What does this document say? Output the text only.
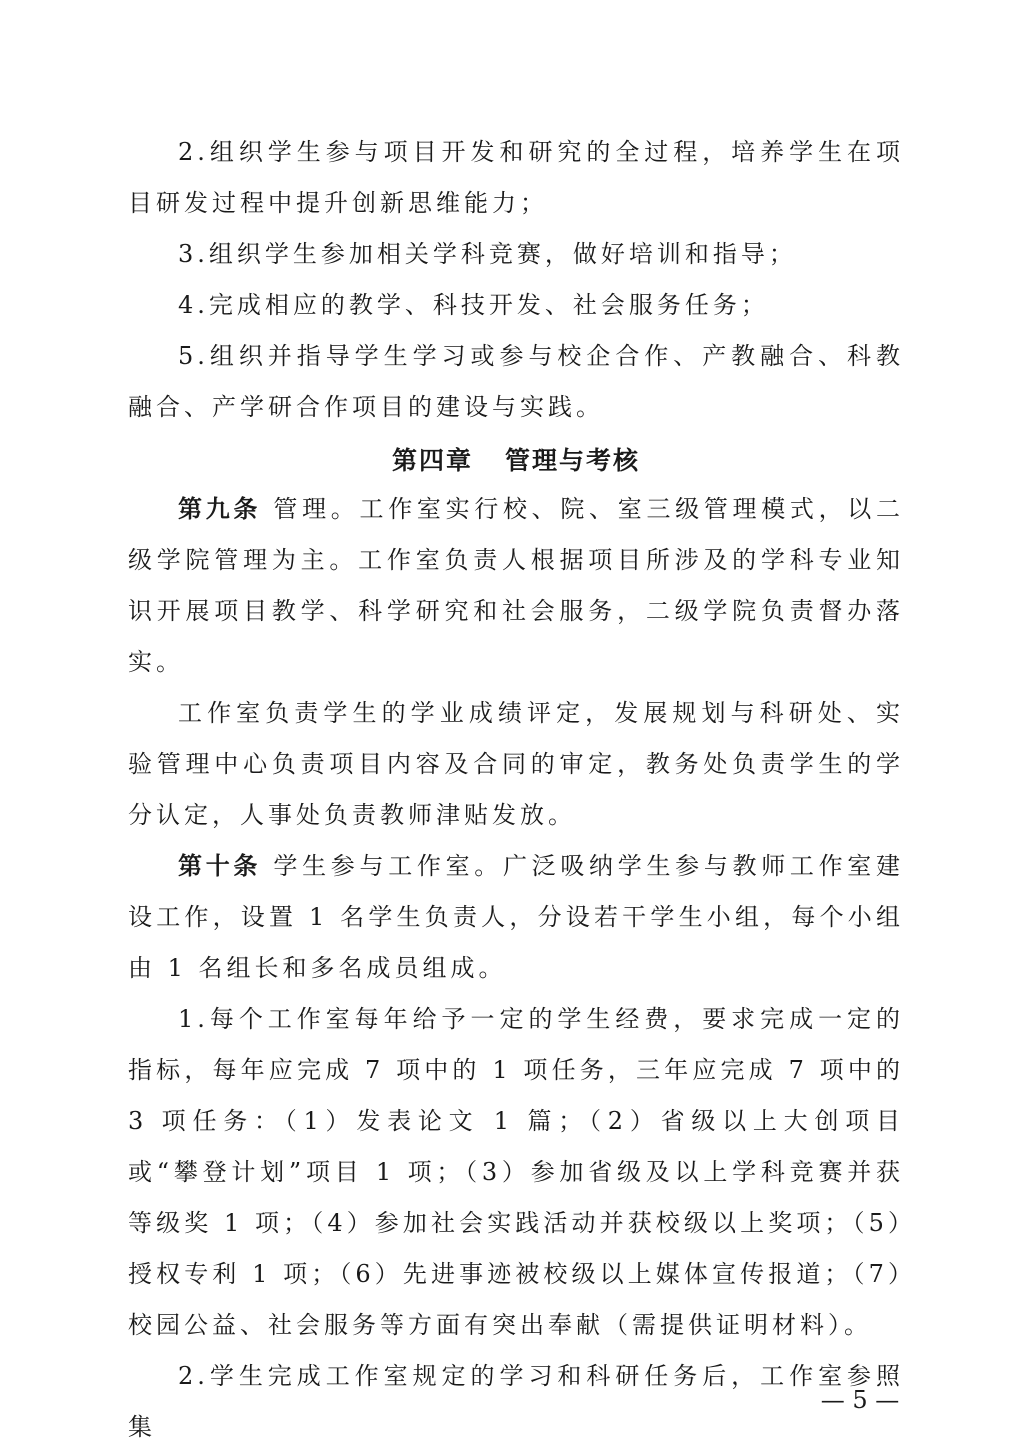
2.组织学生参与项目开发和研究的全过程，培养学生在项目研发过程中提升创新思维能力；

3.组织学生参加相关学科竞赛，做好培训和指导；

4.完成相应的教学、科技开发、社会服务任务；

5.组织并指导学生学习或参与校企合作、产教融合、科教融合、产学研合作项目的建设与实践。

第四章   管理与考核

第九条 管理。工作室实行校、院、室三级管理模式，以二级学院管理为主。工作室负责人根据项目所涉及的学科专业知识开展项目教学、科学研究和社会服务，二级学院负责督办落实。

工作室负责学生的学业成绩评定，发展规划与科研处、实验管理中心负责项目内容及合同的审定，教务处负责学生的学分认定，人事处负责教师津贴发放。

第十条 学生参与工作室。广泛吸纳学生参与教师工作室建设工作，设置 1 名学生负责人，分设若干学生小组，每个小组由 1 名组长和多名成员组成。

1.每个工作室每年给予一定的学生经费，要求完成一定的指标，每年应完成 7 项中的 1 项任务，三年应完成 7 项中的 3 项任务：（1）发表论文 1 篇；（2）省级以上大创项目或“攀登计划”项目 1 项；（3）参加省级及以上学科竞赛并获等级奖 1 项；（4）参加社会实践活动并获校级以上奖项；（5）授权专利 1 项；（6）先进事迹被校级以上媒体宣传报道；（7）校园公益、社会服务等方面有突出奉献（需提供证明材料）。

2.学生完成工作室规定的学习和科研任务后，工作室参照集

— 5 —
